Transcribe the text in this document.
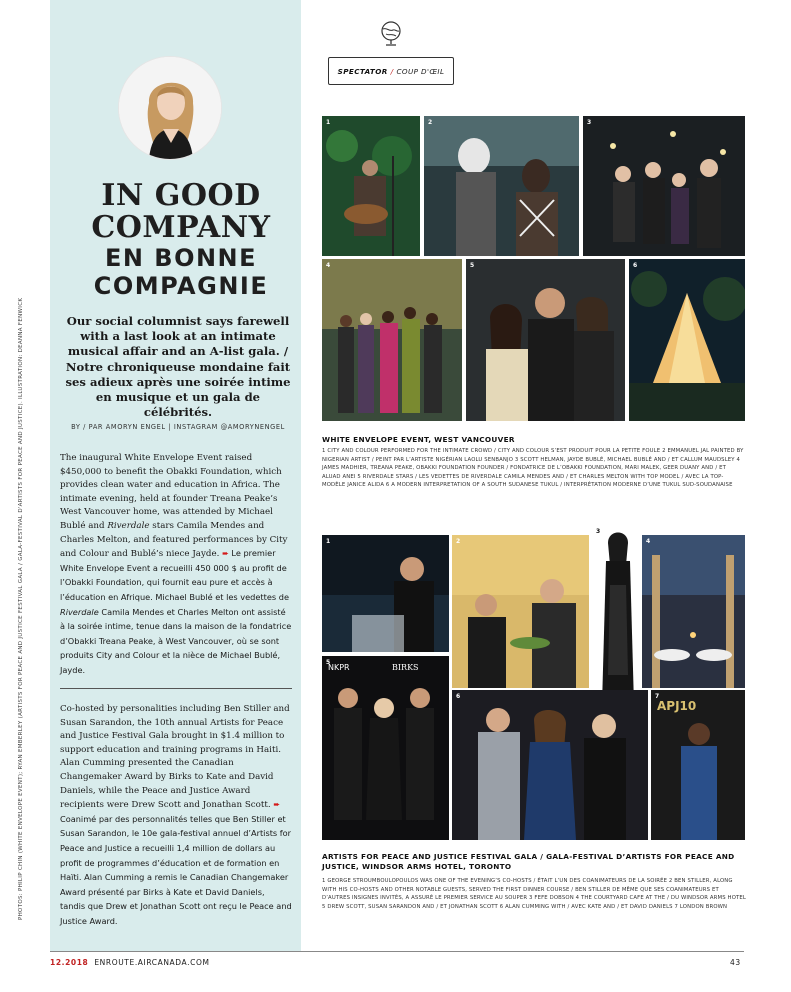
PHOTOS: PHILIP CHIN (WHITE ENVELOPE EVENT); RYAN EMBERLEY (ARTISTS FOR PEACE AND JUSTICE FESTIVAL GALA / GALA-FESTIVAL D'ARTISTS FOR PEACE AND JUSTICE). ILLUSTRATION: DEANNA FENWICK
IN GOOD COMPANY
EN BONNE COMPAGNIE
Our social columnist says farewell with a last look at an intimate musical affair and an A-list gala. / Notre chroniqueuse mondaine fait ses adieux après une soirée intime en musique et un gala de célébrités.
BY / PAR AMORYN ENGEL | INSTAGRAM @AMORYNENGEL
The inaugural White Envelope Event raised $450,000 to benefit the Obakki Foundation, which provides clean water and education in Africa. The intimate evening, held at founder Treana Peake’s West Vancouver home, was attended by Michael Bublé and Riverdale stars Camila Mendes and Charles Melton, and featured performances by City and Colour and Bublé’s niece Jayde. ➨ Le premier White Envelope Event a recueilli 450 000 $ au profit de l’Obakki Foundation, qui fournit eau pure et accès à l’éducation en Afrique. Michael Bublé et les vedettes de Riverdale Camila Mendes et Charles Melton ont assisté à la soirée intime, tenue dans la maison de la fondatrice d’Obakki Treana Peake, à West Vancouver, où se sont produits City and Colour et la nièce de Michael Bublé, Jayde.
Co-hosted by personalities including Ben Stiller and Susan Sarandon, the 10th annual Artists for Peace and Justice Festival Gala brought in $1.4 million to support education and training programs in Haiti. Alan Cumming presented the Canadian Changemaker Award by Birks to Kate and David Daniels, while the Peace and Justice Award recipients were Drew Scott and Jonathan Scott. ➨ Coanimé par des personnalités telles que Ben Stiller et Susan Sarandon, le 10e gala-festival annuel d’Artists for Peace and Justice a recueilli 1,4 million de dollars au profit de programmes d’éducation et de formation en Haïti. Alan Cumming a remis le Canadian Changemaker Award présenté par Birks à Kate et David Daniels, tandis que Drew et Jonathan Scott ont reçu le Peace and Justice Award.
SPECTATOR / COUP D'ŒIL
1	2	3
4	5	6
WHITE ENVELOPE EVENT, WEST VANCOUVER
1 CITY AND COLOUR PERFORMED FOR THE INTIMATE CROWD / CITY AND COLOUR S’EST PRODUIT POUR LA PETITE FOULE 2 EMMANUEL JAL PAINTED BY NIGERIAN ARTIST / PEINT PAR L’ARTISTE NIGÉRIAN LAOLU SENBANJO 3 SCOTT HELMAN, JAYDE BUBLÉ, MICHAEL BUBLÉ AND / ET CALLUM MAUDSLEY 4 JAMES MADHIER, TREANA PEAKE, OBAKKI FOUNDATION FOUNDER / FONDATRICE DE L’OBAKKI FOUNDATION, MARI MALEK, GEER DUANY AND / ET ALUAD ANEI 5 RIVERDALE STARS / LES VEDETTES DE RIVERDALE CAMILA MENDES AND / ET CHARLES MELTON WITH TOP MODEL / AVEC LA TOP-MODÈLE JANICE ALIDA 6 A MODERN INTERPRETATION OF A SOUTH SUDANESE TUKUL / INTERPRÉTATION MODERNE D’UNE TUKUL SUD-SOUDANAISE
1	2
3
4
NKPR	BIRKS
5
6
APJ10
7
ARTISTS FOR PEACE AND JUSTICE FESTIVAL GALA / GALA-FESTIVAL D’ARTISTS FOR PEACE AND JUSTICE, WINDSOR ARMS HOTEL, TORONTO
1 GEORGE STROUMBOULOPOULOS WAS ONE OF THE EVENING’S CO-HOSTS / ÉTAIT L’UN DES COANIMATEURS DE LA SOIRÉE 2 BEN STILLER, ALONG WITH HIS CO-HOSTS AND OTHER NOTABLE GUESTS, SERVED THE FIRST DINNER COURSE / BEN STILLER DE MÊME QUE SES COANIMATEURS ET D’AUTRES INSIGNES INVITÉS, A ASSURÉ LE PREMIER SERVICE AU SOUPER 3 FEFE DOBSON 4 THE COURTYARD CAFE AT THE / DU WINDSOR ARMS HOTEL 5 DREW SCOTT, SUSAN SARANDON AND / ET JONATHAN SCOTT 6 ALAN CUMMING WITH / AVEC KATE AND / ET DAVID DANIELS 7 LONDON BROWN
12.2018 ENROUTE.AIRCANADA.COM	43
